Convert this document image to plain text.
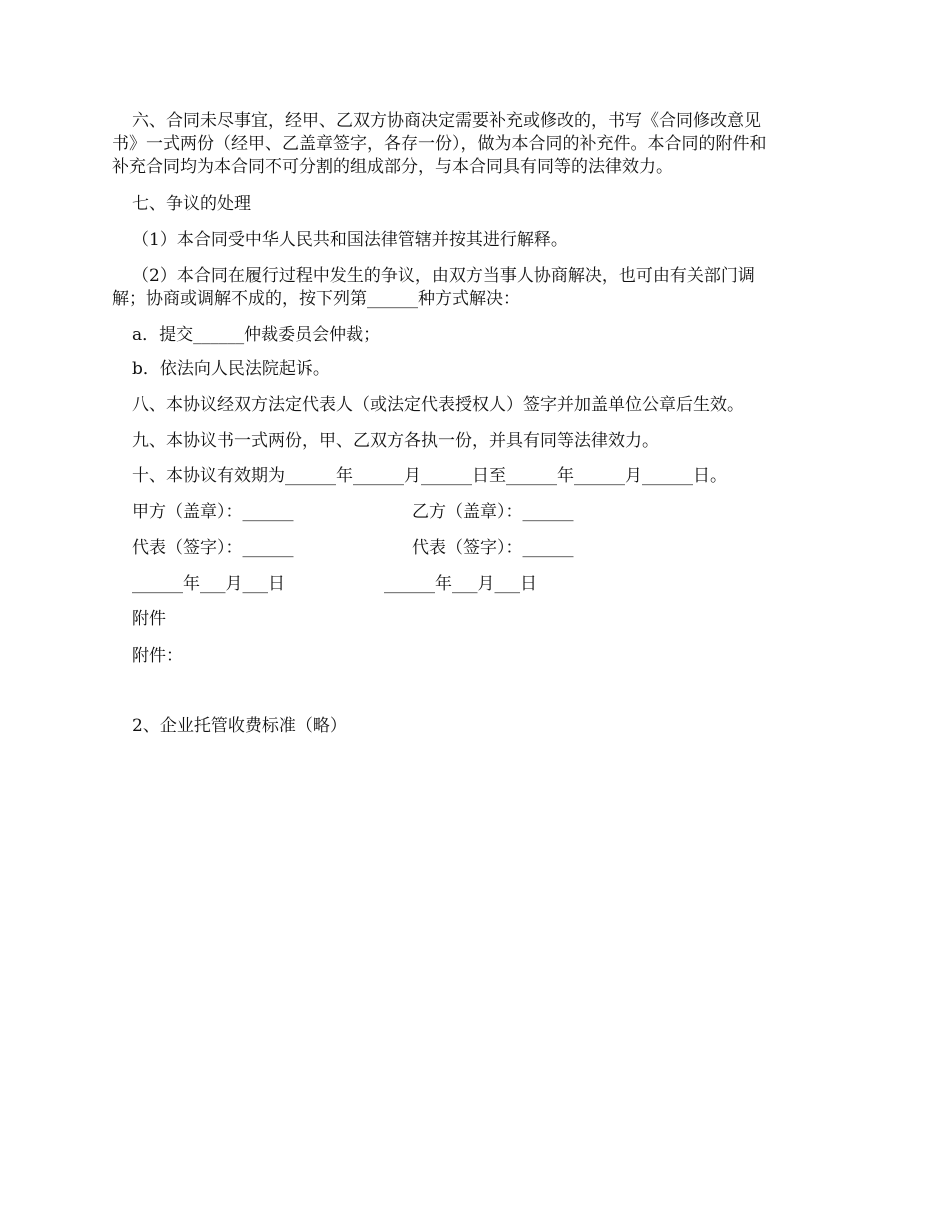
六、合同未尽事宜，经甲、乙双方协商决定需要补充或修改的，书写《合同修改意见
书》一式两份（经甲、乙盖章签字，各存一份），做为本合同的补充件。本合同的附件和
补充合同均为本合同不可分割的组成部分，与本合同具有同等的法律效力。
七、争议的处理
（1）本合同受中华人民共和国法律管辖并按其进行解释。
（2）本合同在履行过程中发生的争议，由双方当事人协商解决，也可由有关部门调
解；协商或调解不成的，按下列第______种方式解决：
a．提交______仲裁委员会仲裁；
b．依法向人民法院起诉。
八、本协议经双方法定代表人（或法定代表授权人）签字并加盖单位公章后生效。
九、本协议书一式两份，甲、乙双方各执一份，并具有同等法律效力。
十、本协议有效期为______年______月______日至______年______月______日。
甲方（盖章）：______	乙方（盖章）：______
代表（签字）：______	代表（签字）：______
______年___月___日	______年___月___日
附件
附件：
2、企业托管收费标准（略）
